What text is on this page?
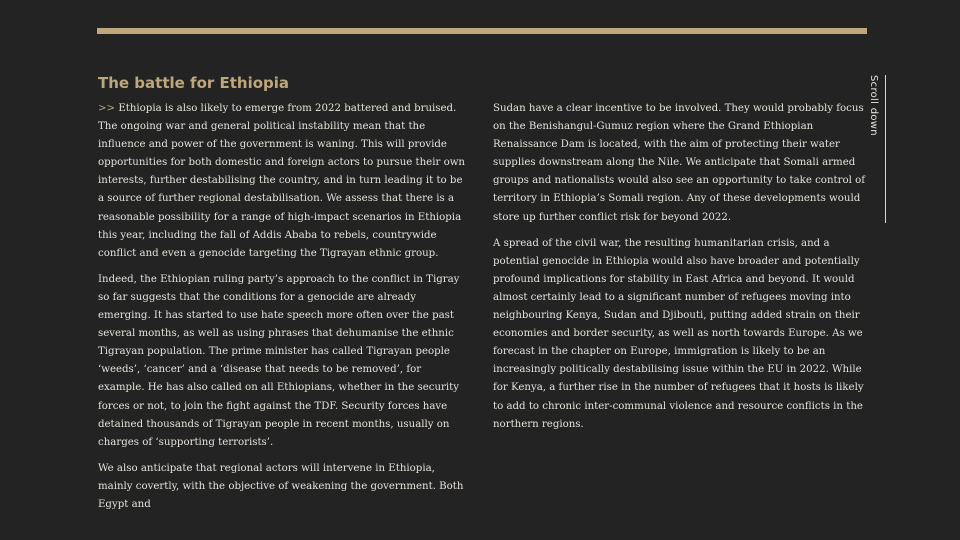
The battle for Ethiopia

>> Ethiopia is also likely to emerge from 2022 battered and bruised. The ongoing war and general political instability mean that the influence and power of the government is waning. This will provide opportunities for both domestic and foreign actors to pursue their own interests, further destabilising the country, and in turn leading it to be a source of further regional destabilisation. We assess that there is a reasonable possibility for a range of high-impact scenarios in Ethiopia this year, including the fall of Addis Ababa to rebels, countrywide conflict and even a genocide targeting the Tigrayan ethnic group.

Indeed, the Ethiopian ruling party’s approach to the conflict in Tigray so far suggests that the conditions for a genocide are already emerging. It has started to use hate speech more often over the past several months, as well as using phrases that dehumanise the ethnic Tigrayan population. The prime minister has called Tigrayan people ‘weeds’, ‘cancer’ and a ‘disease that needs to be removed’, for example. He has also called on all Ethiopians, whether in the security forces or not, to join the fight against the TDF. Security forces have detained thousands of Tigrayan people in recent months, usually on charges of ‘supporting terrorists’.

We also anticipate that regional actors will intervene in Ethiopia, mainly covertly, with the objective of weakening the government. Both Egypt and

Sudan have a clear incentive to be involved. They would probably focus on the Benishangul-Gumuz region where the Grand Ethiopian Renaissance Dam is located, with the aim of protecting their water supplies downstream along the Nile. We anticipate that Somali armed groups and nationalists would also see an opportunity to take control of territory in Ethiopia’s Somali region. Any of these developments would store up further conflict risk for beyond 2022.

A spread of the civil war, the resulting humanitarian crisis, and a potential genocide in Ethiopia would also have broader and potentially profound implications for stability in East Africa and beyond. It would almost certainly lead to a significant number of refugees moving into neighbouring Kenya, Sudan and Djibouti, putting added strain on their economies and border security, as well as north towards Europe. As we forecast in the chapter on Europe, immigration is likely to be an increasingly politically destabilising issue within the EU in 2022. While for Kenya, a further rise in the number of refugees that it hosts is likely to add to chronic inter-communal violence and resource conflicts in the northern regions.

Scroll down
